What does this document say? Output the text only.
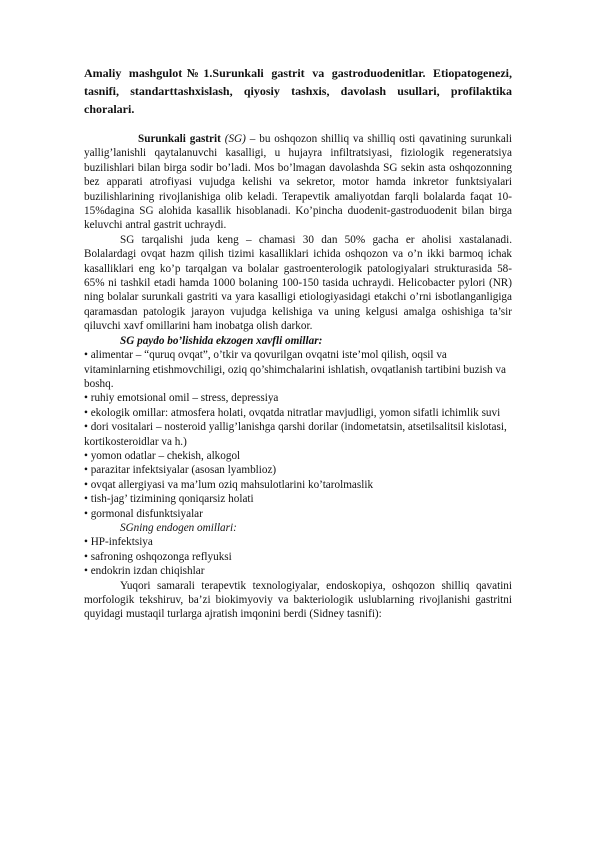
Amaliy mashgulot№1.Surunkali gastrit va gastroduodenitlar. Etiopatogenezi, tasnifi, standarttashxislash, qiyosiy tashxis, davolash usullari, profilaktika choralari.

Surunkali gastrit (SG) – bu oshqozon shilliq va shilliq osti qavatining surunkali yallig’lanishli qaytalanuvchi kasalligi, u hujayra infiltratsiyasi, fiziologik regeneratsiya buzilishlari bilan birga sodir bo’ladi. Mos bo’lmagan davolashda SG sekin asta oshqozonning bez apparati atrofiyasi vujudga kelishi va sekretor, motor hamda inkretor funktsiyalari buzilishlarining rivojlanishiga olib keladi. Terapevtik amaliyotdan farqli bolalarda faqat 10-15%dagina SG alohida kasallik hisoblanadi. Ko’pincha duodenit-gastroduodenit bilan birga keluvchi antral gastrit uchraydi.

SG tarqalishi juda keng – chamasi 30 dan 50% gacha er aholisi xastalanadi. Bolalardagi ovqat hazm qilish tizimi kasalliklari ichida oshqozon va o’n ikki barmoq ichak kasalliklari eng ko’p tarqalgan va bolalar gastroenterologik patologiyalari strukturasida 58-65% ni tashkil etadi hamda 1000 bolaning 100-150 tasida uchraydi. Helicobacter pylori (NR) ning bolalar surunkali gastriti va yara kasalligi etiologiyasidagi etakchi o’rni isbotlanganligiga qaramasdan patologik jarayon vujudga kelishiga va uning kelgusi amalga oshishiga ta’sir qiluvchi xavf omillarini ham inobatga olish darkor.

SG paydo bo’lishida ekzogen xavfli omillar:

• alimentar – “quruq ovqat”, o’tkir va qovurilgan ovqatni iste’mol qilish, oqsil va vitaminlarning etishmovchiligi, oziq qo’shimchalarini ishlatish, ovqatlanish tartibini buzish va boshq.

• ruhiy emotsional omil – stress, depressiya

• ekologik omillar: atmosfera holati, ovqatda nitratlar mavjudligi, yomon sifatli ichimlik suvi

• dori vositalari – nosteroid yallig’lanishga qarshi dorilar (indometatsin, atsetilsalitsil kislotasi, kortikosteroidlar va h.)

• yomon odatlar – chekish, alkogol

• parazitar infektsiyalar (asosan lyamblioz)

• ovqat allergiyasi va ma’lum oziq mahsulotlarini ko’tarolmaslik

• tish-jag’ tizimining qoniqarsiz holati

• gormonal disfunktsiyalar

SGning endogen omillari:

• HP-infektsiya

• safroning oshqozonga reflyuksi

• endokrin izdan chiqishlar

Yuqori samarali terapevtik texnologiyalar, endoskopiya, oshqozon shilliq qavatini morfologik tekshiruv, ba’zi biokimyoviy va bakteriologik uslublarning rivojlanishi gastritni quyidagi mustaqil turlarga ajratish imqonini berdi (Sidney tasnifi):
